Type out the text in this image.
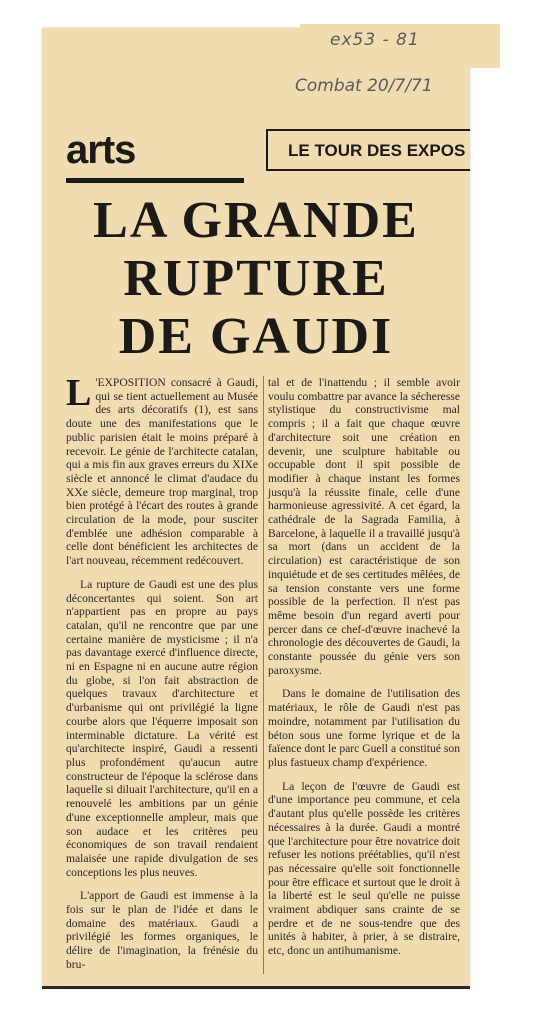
ex53 - 81
Combat 20/7/71
arts	LE TOUR DES EXPOS
LA GRANDE
RUPTURE
DE GAUDI

L 'EXPOSITION consacré à Gaudi, qui se tient actuellement au Musée des arts décoratifs (1), est sans doute une des manifestations que le public parisien était le moins préparé à recevoir. Le génie de l'architecte catalan, qui a mis fin aux graves erreurs du XIXe siècle et annoncé le climat d'audace du XXe siècle, demeure trop marginal, trop bien protégé à l'écart des routes à grande circulation de la mode, pour susciter d'emblée une adhésion comparable à celle dont bénéficient les architectes de l'art nouveau, récemment redécouvert.

La rupture de Gaudi est une des plus déconcertantes qui soient. Son art n'appartient pas en propre au pays catalan, qu'il ne rencontre que par une certaine manière de mysticisme ; il n'a pas davantage exercé d'influence directe, ni en Espagne ni en aucune autre région du globe, si l'on fait abstraction de quelques travaux d'architecture et d'urbanisme qui ont privilégié la ligne courbe alors que l'équerre imposait son interminable dictature. La vérité est qu'architecte inspiré, Gaudi a ressenti plus profondément qu'aucun autre constructeur de l'époque la sclérose dans laquelle si diluait l'architecture, qu'il en a renouvelé les ambitions par un génie d'une exceptionnelle ampleur, mais que son audace et les critères peu économiques de son travail rendaient malaisée une rapide divulgation de ses conceptions les plus neuves.

L'apport de Gaudi est immense à la fois sur le plan de l'idée et dans le domaine des matériaux. Gaudi a privilégié les formes organiques, le délire de l'imagination, la frénésie du bru-

tal et de l'inattendu ; il semble avoir voulu combattre par avance la sécheresse stylistique du constructivisme mal compris ; il a fait que chaque œuvre d'architecture soit une création en devenir, une sculpture habitable ou occupable dont il spit possible de modifier à chaque instant les formes jusqu'à la réussite finale, celle d'une harmonieuse agressivité. A cet égard, la cathédrale de la Sagrada Familia, à Barcelone, à laquelle il a travaillé jusqu'à sa mort (dans un accident de la circulation) est caractéristique de son inquiétude et de ses certitudes mêlées, de sa tension constante vers une forme possible de la perfection. Il n'est pas même besoin d'un regard averti pour percer dans ce chef-d'œuvre inachevé la chronologie des découvertes de Gaudi, la constante poussée du génie vers son paroxysme.

Dans le domaine de l'utilisation des matériaux, le rôle de Gaudi n'est pas moindre, notamment par l'utilisation du béton sous une forme lyrique et de la faïence dont le parc Guell a constitué son plus fastueux champ d'expérience.

La leçon de l'œuvre de Gaudi est d'une importance peu commune, et cela d'autant plus qu'elle possède les critères nécessaires à la durée. Gaudi a montré que l'architecture pour être novatrice doit refuser les notions préétablies, qu'il n'est pas nécessaire qu'elle soit fonctionnelle pour être efficace et surtout que le droit à la liberté est le seul qu'elle ne puisse vraiment abdiquer sans crainte de se perdre et de ne sous-tendre que des unités à habiter, à prier, à se distraire, etc, donc un antihumanisme.
